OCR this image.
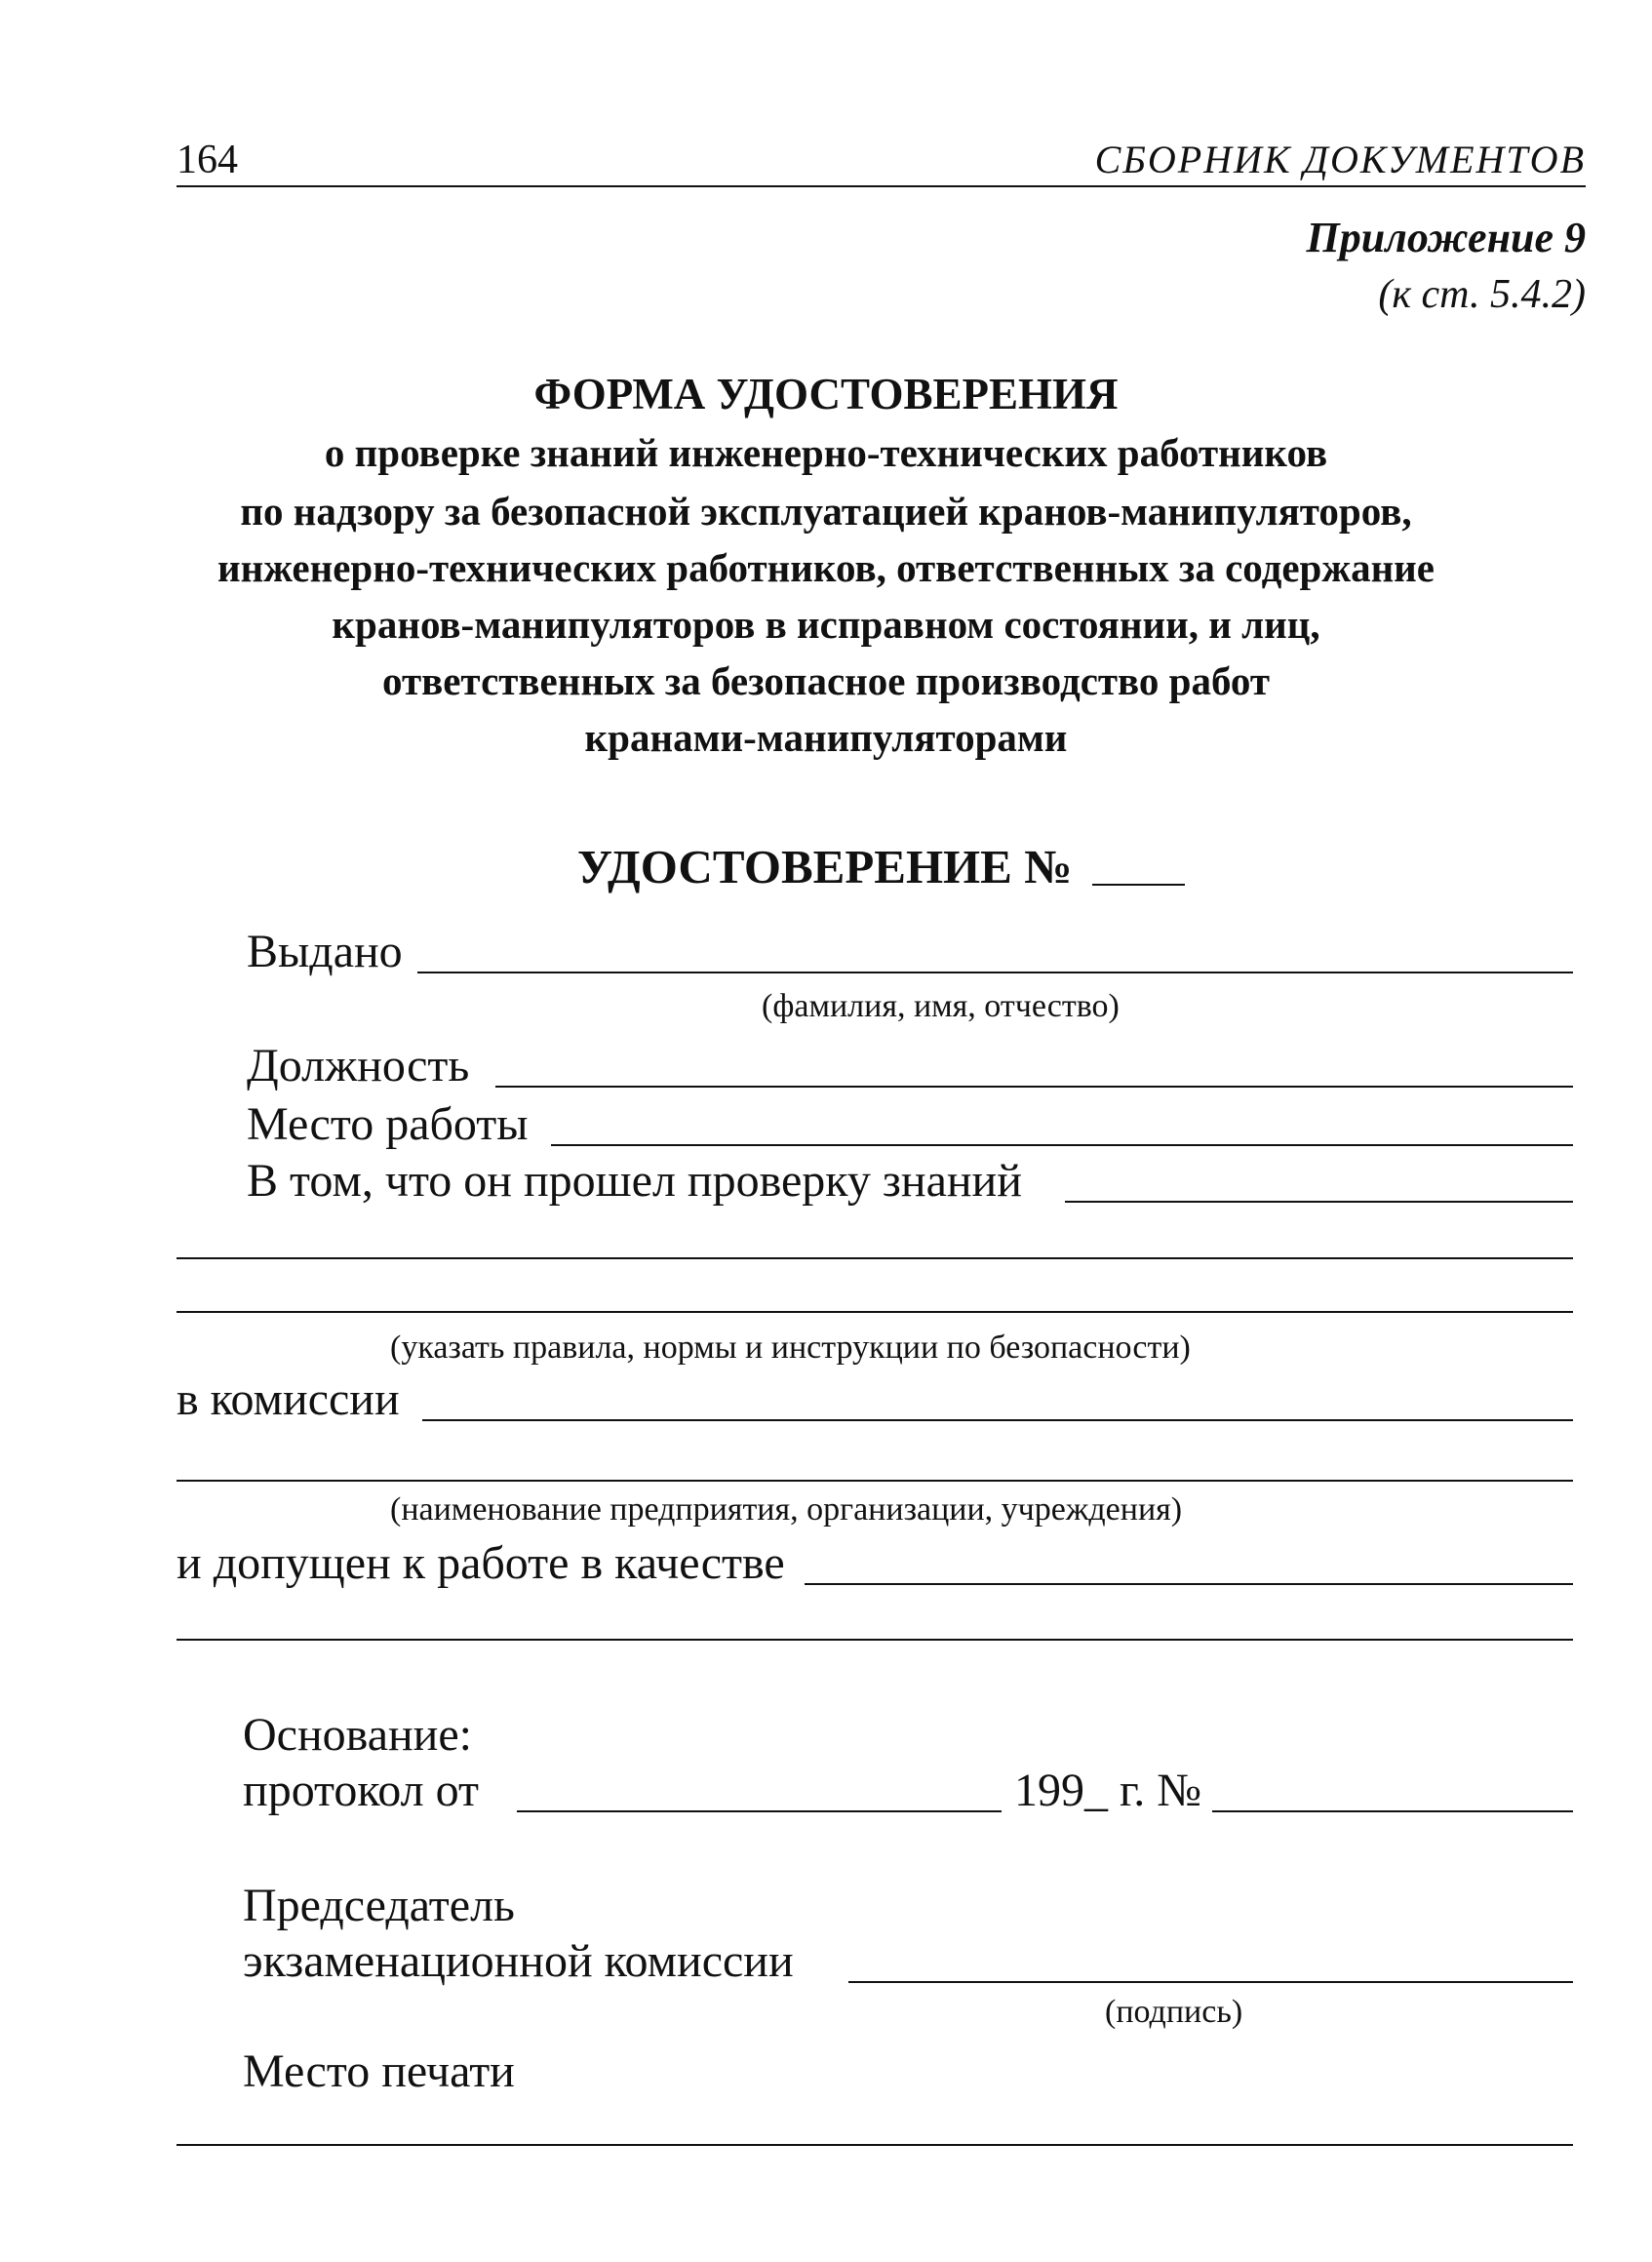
164	СБОРНИК ДОКУМЕНТОВ
Приложение 9
(к ст. 5.4.2)
ФОРМА УДОСТОВЕРЕНИЯ
о проверке знаний инженерно-технических работников
по надзору за безопасной эксплуатацией кранов-манипуляторов,
инженерно-технических работников, ответственных за содержание
кранов-манипуляторов в исправном состоянии, и лиц,
ответственных за безопасное производство работ
кранами-манипуляторами
УДОСТОВЕРЕНИЕ №
Выдано
(фамилия, имя, отчество)
Должность
Место работы
В том, что он прошел проверку знаний
(указать правила, нормы и инструкции по безопасности)
в комиссии
(наименование предприятия, организации, учреждения)
и допущен к работе в качестве
Основание:
протокол от	199_ г. №
Председатель
экзаменационной комиссии
(подпись)
Место печати
